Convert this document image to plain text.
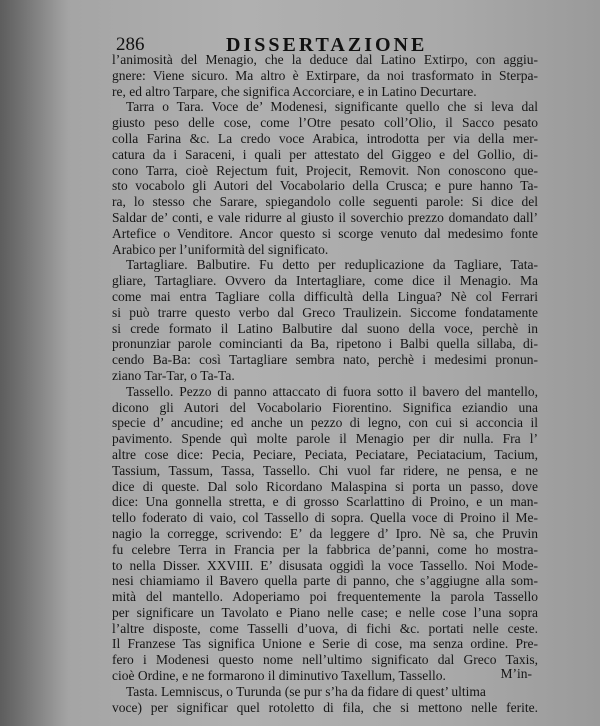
286	DISSERTAZIONE
l’animosità del Menagio, che la deduce dal Latino Extirpo, con aggiu-
gnere: Viene sicuro. Ma altro è Extirpare, da noi trasformato in Sterpa-
re, ed altro Tarpare, che significa Accorciare, e in Latino Decurtare.
Tarra o Tara. Voce de’ Modenesi, significante quello che si leva dal
giusto peso delle cose, come l’Otre pesato coll’Olio, il Sacco pesato
colla Farina &c. La credo voce Arabica, introdotta per via della mer-
catura da i Saraceni, i quali per attestato del Giggeo e del Gollio, di-
cono Tarra, cioè Rejectum fuit, Projecit, Removit. Non conoscono que-
sto vocabolo gli Autori del Vocabolario della Crusca; e pure hanno Ta-
ra, lo stesso che Sarare, spiegandolo colle seguenti parole: Si dice del
Saldar de’ conti, e vale ridurre al giusto il soverchio prezzo domandato dall’
Artefice o Venditore. Ancor questo si scorge venuto dal medesimo fonte
Arabico per l’uniformità del significato.
Tartagliare. Balbutire. Fu detto per reduplicazione da Tagliare, Tata-
gliare, Tartagliare. Ovvero da Intertagliare, come dice il Menagio. Ma
come mai entra Tagliare colla difficultà della Lingua? Nè col Ferrari
si può trarre questo verbo dal Greco Traulizein. Siccome fondatamente
si crede formato il Latino Balbutire dal suono della voce, perchè in
pronunziar parole comincianti da Ba, ripetono i Balbi quella sillaba, di-
cendo Ba-Ba: così Tartagliare sembra nato, perchè i medesimi pronun-
ziano Tar-Tar, o Ta-Ta.
Tassello. Pezzo di panno attaccato di fuora sotto il bavero del mantello,
dicono gli Autori del Vocabolario Fiorentino. Significa eziandio una
specie d’ ancudine; ed anche un pezzo di legno, con cui si acconcia il
pavimento. Spende quì molte parole il Menagio per dir nulla. Fra l’
altre cose dice: Pecia, Peciare, Peciata, Peciatare, Peciatacium, Tacium,
Tassium, Tassum, Tassa, Tassello. Chi vuol far ridere, ne pensa, e ne
dice di queste. Dal solo Ricordano Malaspina si porta un passo, dove
dice: Una gonnella stretta, e di grosso Scarlattino di Proino, e un man-
tello foderato di vaio, col Tassello di sopra. Quella voce di Proino il Me-
nagio la corregge, scrivendo: E’ da leggere d’ Ipro. Nè sa, che Pruvin
fu celebre Terra in Francia per la fabbrica de’panni, come ho mostra-
to nella Disser. XXVIII. E’ disusata oggidì la voce Tassello. Noi Mode-
nesi chiamiamo il Bavero quella parte di panno, che s’aggiugne alla som-
mità del mantello. Adoperiamo poi frequentemente la parola Tassello
per significare un Tavolato e Piano nelle case; e nelle cose l’una sopra
l’altre disposte, come Tasselli d’uova, di fichi &c. portati nelle ceste.
Il Franzese Tas significa Unione e Serie di cose, ma senza ordine. Pre-
fero i Modenesi questo nome nell’ultimo significato dal Greco Taxis,
cioè Ordine, e ne formarono il diminutivo Taxellum, Tassello.
Tasta. Lemniscus, o Turunda (se pur s’ha da fidare di quest’ ultima
voce) per significar quel rotoletto di fila, che si mettono nelle ferite.
M’in-
